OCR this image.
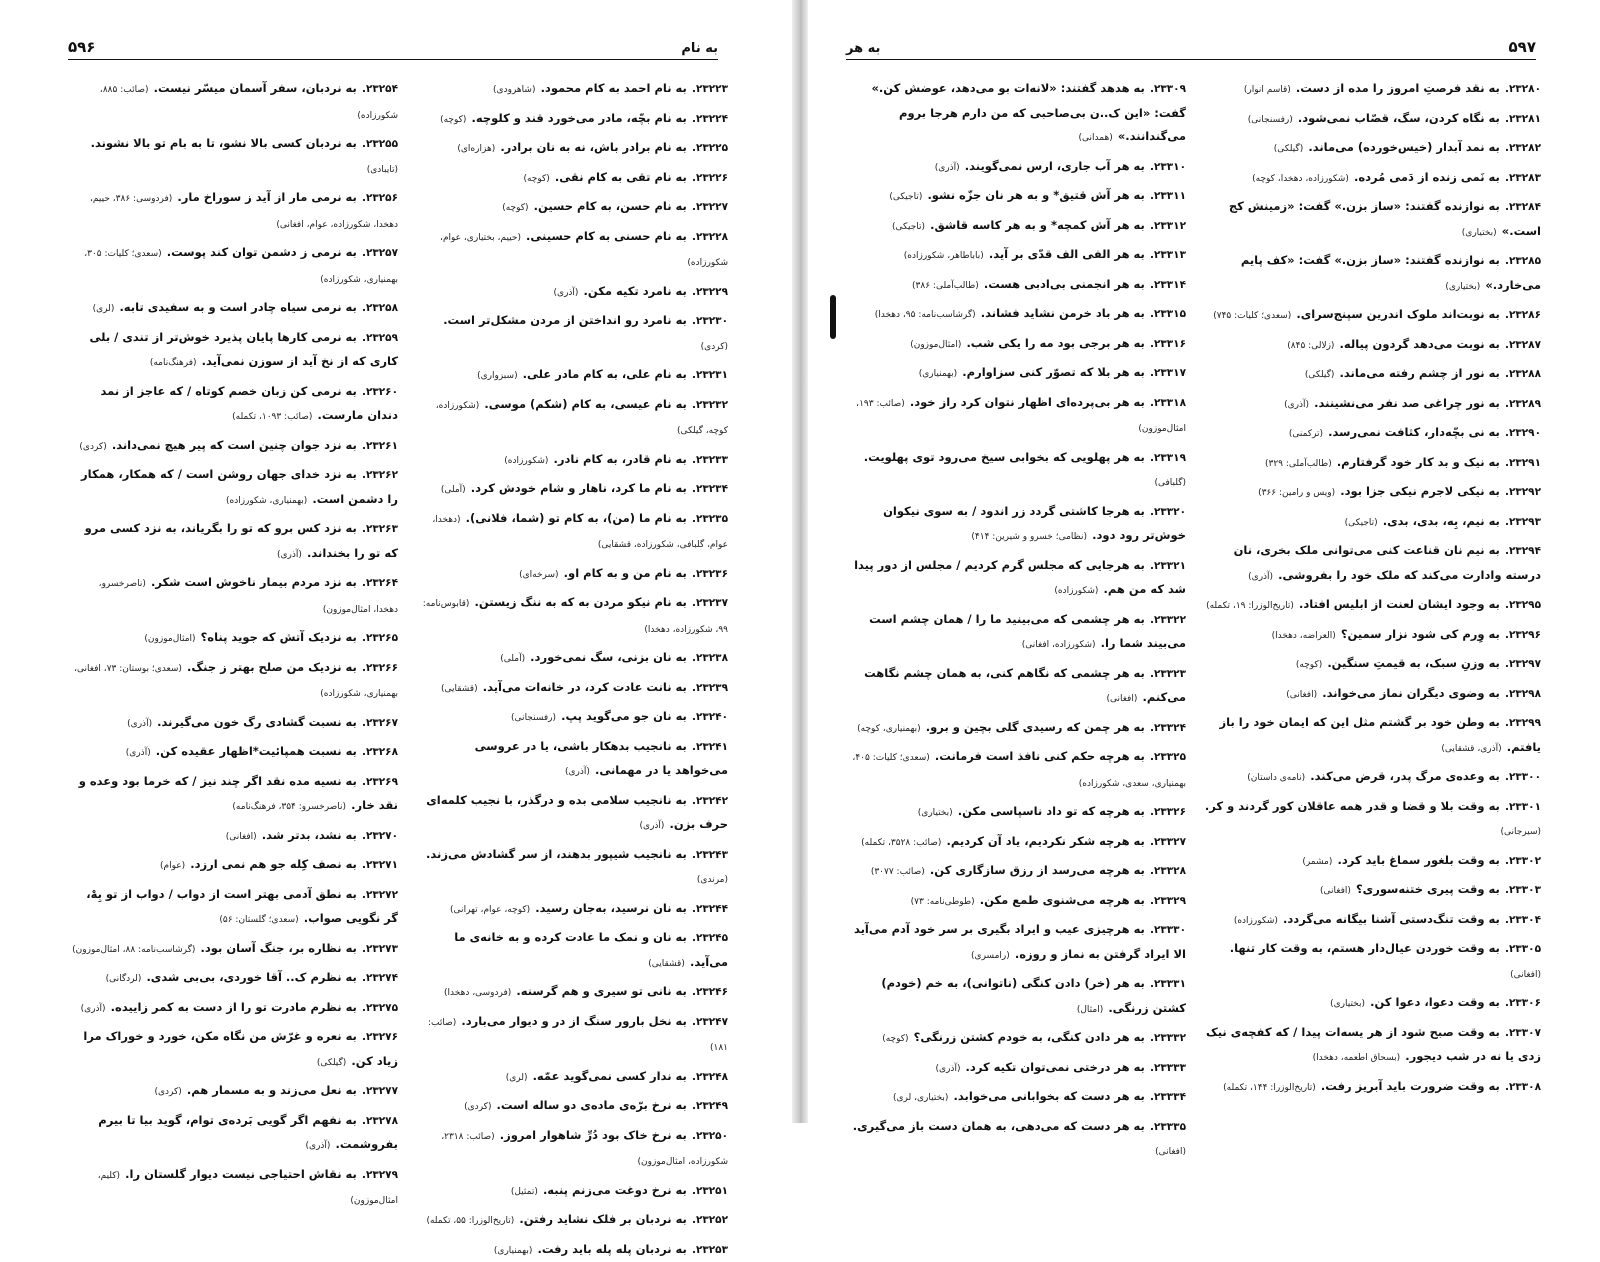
۵۹۶	به نام

۲۳۲۲۳. به نام احمد به کام محمود. (شاهرودی)

۲۳۲۲۴. به نام بچّه، مادر می‌خورد قند و کلوچه. (کوچه)

۲۳۲۲۵. به نام برادر باش، نه به نان برادر. (هزاره‌ای)

۲۳۲۲۶. به نام تقی به کام نقی. (کوچه)

۲۳۲۲۷. به نام حسن، به کام حسین. (کوچه)

۲۳۲۲۸. به نام حسنی به کام حسینی. (حییم، بختیاری، عوام، شکورزاده)

۲۳۲۲۹. به نامرد تکیه مکن. (آذری)

۲۳۲۳۰. به نامرد رو انداختن از مردن مشکل‌تر است. (کردی)

۲۳۲۳۱. به نام علی، به کام مادر علی. (سبزواری)

۲۳۲۳۲. به نام عیسی، به کام (شکم) موسی. (شکورزاده، کوچه، گیلکی)

۲۳۲۳۳. به نام قادر، به کام نادر. (شکورزاده)

۲۳۲۳۴. به نام ما کرد، ناهار و شام خودش کرد. (آملی)

۲۳۲۳۵. به نام ما (من)، به کام تو (شما، فلانی). (دهخدا، عوام، گلبافی، شکورزاده، قشقایی)

۲۳۲۳۶. به نام من و به کام او. (سرخه‌ای)

۲۳۲۳۷. به نام نیکو مردن به که به ننگ زیستن. (قابوس‌نامه: ۹۹، شکورزاده، دهخدا)

۲۳۲۳۸. به نان بزنی، سگ نمی‌خورد. (آملی)

۲۳۲۳۹. به نانت عادت کرد، در خانه‌ات می‌آید. (قشقایی)

۲۳۲۴۰. به نان جو می‌گوید پپ. (رفسنجانی)

۲۳۲۴۱. به نانجیب بدهکار باشی، یا در عروسی می‌خواهد یا در مهمانی. (آذری)

۲۳۲۴۲. به نانجیب سلامی بده و درگذر، با نجیب کلمه‌ای حرف بزن. (آذری)

۲۳۲۴۳. به نانجیب شیپور بدهند، از سر گشادش می‌زند. (مرندی)

۲۳۲۴۴. به نان نرسید، به‌جان رسید. (کوچه، عوام، تهرانی)

۲۳۲۴۵. به نان و نمک ما عادت کرده و به خانه‌ی ما می‌آید. (قشقایی)

۲۳۲۴۶. به نانی تو سیری و هم گرسنه. (فردوسی، دهخدا)

۲۳۲۴۷. به نخل بارور سنگ از در و دیوار می‌بارد. (صائب: ۱۸۱)

۲۳۲۴۸. به ندار کسی نمی‌گوید عمّه. (لری)

۲۳۲۴۹. به نرخ برّه‌ی ماده‌ی دو ساله است. (کردی)

۲۳۲۵۰. به نرخ خاک بود دُرِّ شاهوار امروز. (صائب: ۲۳۱۸، شکورزاده، امثال‌موزون)

۲۳۲۵۱. به نرخ دوغت می‌زنم پنبه. (تمثیل)

۲۳۲۵۲. به نردبان بر فلک نشاید رفتن. (تاریخ‌الوزرا: ۵۵، تکمله)

۲۳۲۵۳. به نردبان پله پله باید رفت. (بهمنیاری)

۲۳۲۵۴. به نردبان، سفر آسمان میسّر نیست. (صائب: ۸۸۵، شکورزاده)

۲۳۲۵۵. به نردبان کسی بالا نشو، تا به بام تو بالا نشوند. (تایبادی)

۲۳۲۵۶. به نرمی مار از آید ز سوراخ مار. (فردوسی: ۳۸۶، حییم، دهخدا، شکورزاده، عوام، افغانی)

۲۳۲۵۷. به نرمی ز دشمن توان کند پوست. (سعدی؛ کلیات: ۳۰۵، بهمنیاری، شکورزاده)

۲۳۲۵۸. به نرمی سیاه چادر است و به سفیدی تابه. (لری)

۲۳۲۵۹. به نرمی کارها پایان پذیرد خوش‌تر از تندی / بلی کاری که از نخ آید از سوزن نمی‌آید. (فرهنگ‌نامه)

۲۳۲۶۰. به نرمی کن زبان خصم کوتاه / که عاجز از نمد دندان مارست. (صائب: ۱۰۹۳، تکمله)

۲۳۲۶۱. به نزد جوان چنین است که پیر هیچ نمی‌داند. (کردی)

۲۳۲۶۲. به نزد خدای جهان روشن است / که همکار، همکار را دشمن است. (بهمنیاری، شکورزاده)

۲۳۲۶۳. به نزد کس برو که تو را بگریاند، به نزد کسی مرو که تو را بخنداند. (آذری)

۲۳۲۶۴. به نزد مردم بیمار ناخوش است شکر. (ناصرخسرو، دهخدا، امثال‌موزون)

۲۳۲۶۵. به نزدیک آتش که جوید پناه؟ (امثال‌موزون)

۲۳۲۶۶. به نزدیک من صلح بهتر ز جنگ. (سعدی؛ بوستان: ۷۳، افغانی، بهمنیاری، شکورزاده)

۲۳۲۶۷. به نسبت گشادی رگ خون می‌گیرند. (آذری)

۲۳۲۶۸. به نسبت همپائیت*اظهار عقیده کن. (آذری)

۲۳۲۶۹. به نسیه مده نقد اگر چند نیز / که خرما بود وعده و نقد خار. (ناصرخسرو: ۳۵۴، فرهنگ‌نامه)

۲۳۲۷۰. به نشد، بدتر شد. (افغانی)

۲۳۲۷۱. به نصف کِله جو هم نمی ارزد. (عوام)

۲۳۲۷۲. به نطق آدمی بهتر است از دواب / دواب از تو بِهْ، گر نگویی صواب. (سعدی؛ گلستان: ۵۶)

۲۳۲۷۳. به نظاره بر، جنگ آسان بود. (گرشاسب‌نامه: ۸۸، امثال‌موزون)

۲۳۲۷۴. به نظرم ک.. آقا خوردی، بی‌بی شدی. (لردگانی)

۲۳۲۷۵. به نظرم مادرت تو را از دست به کمر زاییده. (آذری)

۲۳۲۷۶. به نعره و غرّش من نگاه مکن، خورد و خوراک مرا زیاد کن. (گیلکی)

۲۳۲۷۷. به نعل می‌زند و به مسمار هم. (کردی)

۲۳۲۷۸. به نفهم اگر گویی بَرده‌ی توام، گوید بیا تا بیرم بفروشمت. (آذری)

۲۳۲۷۹. به نقاش احتیاجی نیست دیوار گلستان را. (کلیم، امثال‌موزون)

به هر	۵۹۷

۲۳۲۸۰. به نقد فرصتِ امروز را مده از دست. (قاسم انوار)

۲۳۲۸۱. به نگاه کردن، سگ، قصّاب نمی‌شود. (رفسنجانی)

۲۳۲۸۲. به نمد آبدار (خیس‌خورده) می‌ماند. (گیلکی)

۲۳۲۸۳. به نَمی زنده از دَمی مُرده. (شکورزاده، دهخدا، کوچه)

۲۳۲۸۴. به نوازنده گفتند: «ساز بزن.» گفت: «زمینش کج است.» (بختیاری)

۲۳۲۸۵. به نوازنده گفتند: «ساز بزن.» گفت: «کف پایم می‌خارد.» (بختیاری)

۲۳۲۸۶. به نوبت‌اند ملوک اندرین سپنج‌سرای. (سعدی؛ کلیات: ۷۴۵)

۲۳۲۸۷. به نوبت می‌دهد گردون پیاله. (زلالی: ۸۴۵)

۲۳۲۸۸. به نور از چشم رفته می‌ماند. (گیلکی)

۲۳۲۸۹. به نور چراغی صد نفر می‌نشینند. (آذری)

۲۳۲۹۰. به نی بچّه‌دار، کثافت نمی‌رسد. (ترکمنی)

۲۳۲۹۱. به نیک و بد کار خود گرفتارم. (طالب‌آملی: ۳۲۹)

۲۳۲۹۲. به نیکی لاجرم نیکی جزا بود. (ویس و رامین: ۳۶۶)

۲۳۲۹۳. به نیم، بِه، بدی، بدی. (تاجیکی)

۲۳۲۹۴. به نیم نان قناعت کنی می‌توانی ملک بخری، نان درسته وادارت می‌کند که ملک خود را بفروشی. (آذری)

۲۳۲۹۵. به وجود ایشان لعنت از ابلیس افتاد. (تاریخ‌الوزرا: ۱۹، تکمله)

۲۳۲۹۶. به وِرم کی شود نزار سمین؟ (العراضه، دهخدا)

۲۳۲۹۷. به وزنِ سبک، به قیمتِ سنگین. (کوچه)

۲۳۲۹۸. به وضوی دیگران نماز می‌خواند. (افغانی)

۲۳۲۹۹. به وطن خود بر گشتم مثل این که ایمان خود را باز یافتم. (آذری، قشقایی)

۲۳۳۰۰. به وعده‌ی مرگ پدر، قرض می‌کند. (نامه‌ی داستان)

۲۳۳۰۱. به وقت بلا و قضا و قدر همه عاقلان کور گردند و کر. (سیرجانی)

۲۳۳۰۲. به وقت بلغور سماغ باید کرد. (مشمر)

۲۳۳۰۳. به وقت پیری ختنه‌سوری؟ (افغانی)

۲۳۳۰۴. به وقت تنگ‌دستی آشنا بیگانه می‌گردد. (شکورزاده)

۲۳۳۰۵. به وقت خوردن عیال‌دار هستم، به وقت کار تنها. (افغانی)

۲۳۳۰۶. به وقت دعوا، دعوا کن. (بختیاری)

۲۳۳۰۷. به وقت صبح شود از هر یسه‌ات پیدا / که کفچه‌ی نیک زدی یا نه در شب دیجور. (بسحاق اطعمه، دهخدا)

۲۳۳۰۸. به وقت ضرورت باید آبریز رفت. (تاریخ‌الوزرا: ۱۴۴، تکمله)

۲۳۳۰۹. به هدهد گفتند: «لانه‌ات بو می‌دهد، عوضش کن.» گفت: «این ک..ن بی‌صاحبی که من دارم هرجا بروم می‌گندانند.» (همدانی)

۲۳۳۱۰. به هر آب جاری، ارس نمی‌گویند. (آذری)

۲۳۳۱۱. به هر آش قتیق* و به هر نان جزّه نشو. (تاجیکی)

۲۳۳۱۲. به هر آش کمچه* و به هر کاسه قاشق. (تاجیکی)

۲۳۳۱۳. به هر الفی الف قدّی بر آید. (باباطاهر، شکورزاده)

۲۳۳۱۴. به هر انجمنی بی‌ادبی هست. (طالب‌آملی: ۳۸۶)

۲۳۳۱۵. به هر باد خرمن نشاید فشاند. (گرشاسب‌نامه: ۹۵، دهخدا)

۲۳۳۱۶. به هر برجی بود مه را یکی شب. (امثال‌موزون)

۲۳۳۱۷. به هر بلا که تصوّر کنی سزاوارم. (بهمنیاری)

۲۳۳۱۸. به هر بی‌پرده‌ای اظهار نتوان کرد راز خود. (صائب: ۱۹۳، امثال‌موزون)

۲۳۳۱۹. به هر پهلویی که بخوابی سیخ می‌رود توی پهلویت. (گلبافی)

۲۳۳۲۰. به هرجا کاشتی گردد زر اندود / به سوی نیکوان خوش‌تر رود دود. (نظامی؛ خسرو و شیرین: ۴۱۴)

۲۳۳۲۱. به هرجایی که مجلس گرم کردیم / مجلس از دور پیدا شد که من هم. (شکورزاده)

۲۳۳۲۲. به هر چشمی که می‌بینید ما را / همان چشم است می‌بیند شما را. (شکورزاده، افغانی)

۲۳۳۲۳. به هر چشمی که نگاهم کنی، به همان چشم نگاهت می‌کنم. (افغانی)

۲۳۳۲۴. به هر چمن که رسیدی گلی بچین و برو. (بهمنیاری، کوچه)

۲۳۳۲۵. به هرچه حکم کنی نافذ است فرمانت. (سعدی؛ کلیات: ۴۰۵، بهمنیاری، سعدی، شکورزاده)

۲۳۳۲۶. به هرچه که تو داد ناسپاسی مکن. (بختیاری)

۲۳۳۲۷. به هرچه شکر نکردیم، یاد آن کردیم. (صائب: ۳۵۲۸، تکمله)

۲۳۳۲۸. به هرچه می‌رسد از رزق سازگاری کن. (صائب: ۳۰۷۷)

۲۳۳۲۹. به هرچه می‌شنوی طمع مکن. (طوطی‌نامه: ۷۳)

۲۳۳۳۰. به هرچیزی عیب و ایراد بگیری بر سر خود آدم می‌آید الا ایراد گرفتن به نماز و روزه. (رامسری)

۲۳۳۳۱. به هر (خر) دادن کنگی (ناتوانی)، به خم (خودم) کشتن زرنگی. (امثال)

۲۳۳۳۲. به هر دادن کنگی، به خودم کشتن زرنگی؟ (کوچه)

۲۳۳۳۳. به هر درختی نمی‌توان تکیه کرد. (آذری)

۲۳۳۳۴. به هر دست که بخوابانی می‌خوابد. (بختیاری، لری)

۲۳۳۳۵. به هر دست که می‌دهی، به همان دست باز می‌گیری. (افغانی)
